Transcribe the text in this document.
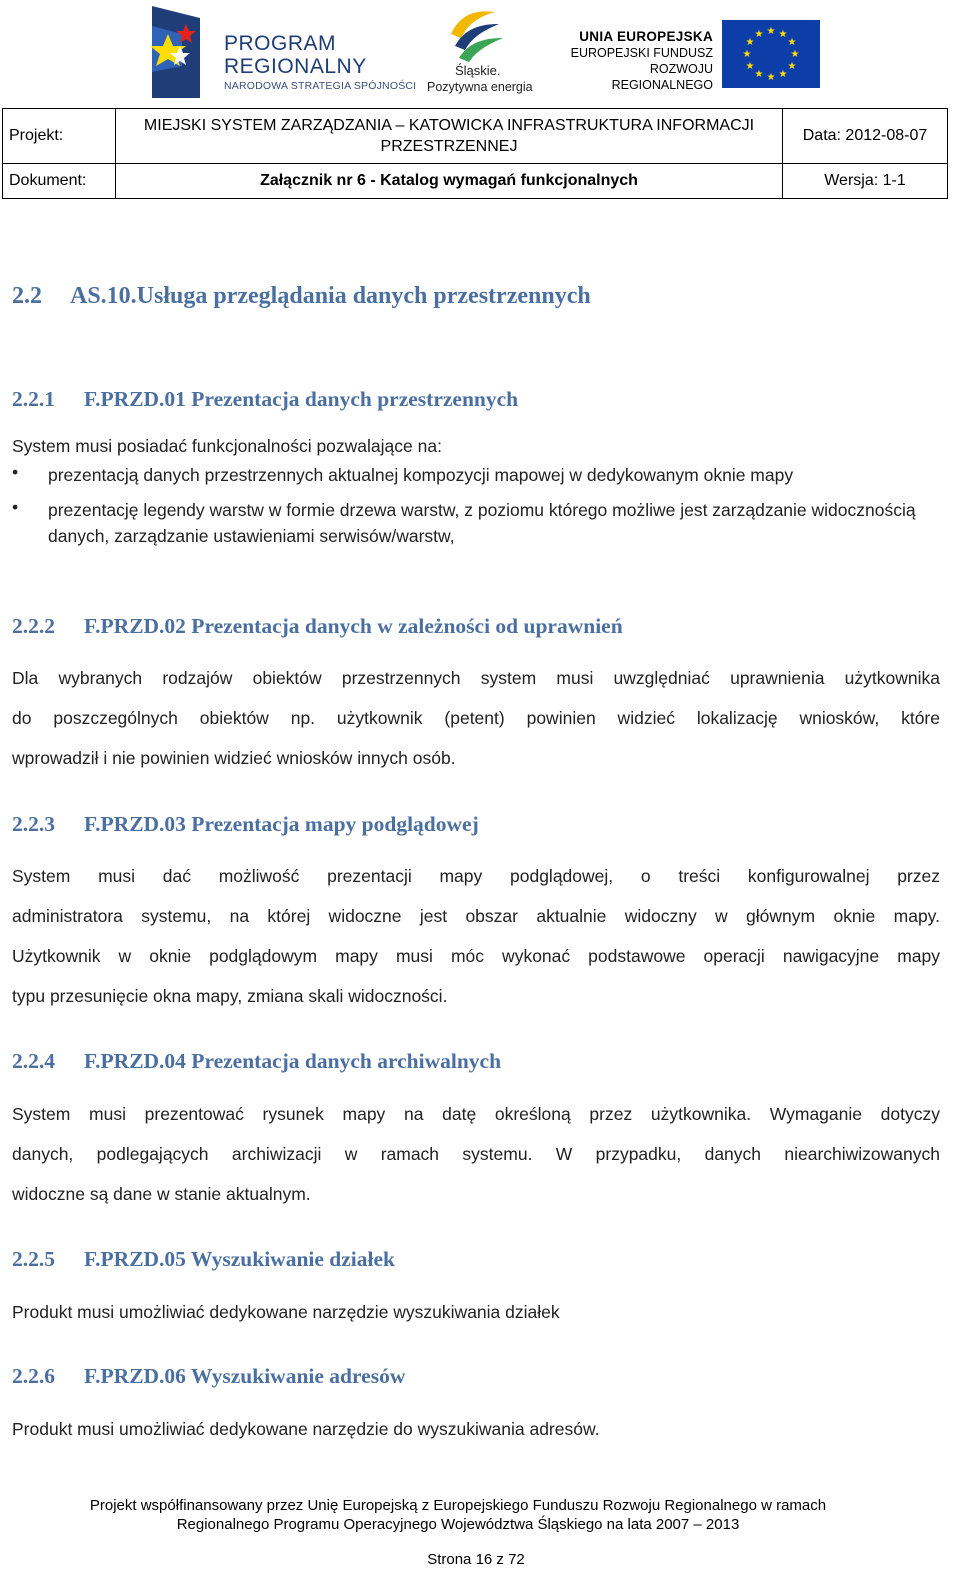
PROGRAM
REGIONALNY
NARODOWA STRATEGIA SPÓJNOŚCI
Śląskie.
Pozytywna energia
UNIA EUROPEJSKA
EUROPEJSKI FUNDUSZ
ROZWOJU REGIONALNEGO
★ ★
★
★
★
★
★
★
★
★
★
★
Projekt:	MIEJSKI SYSTEM ZARZĄDZANIA – KATOWICKA INFRASTRUKTURA INFORMACJI PRZESTRZENNEJ	Data: 2012-08-07
Dokument:	Załącznik nr 6 - Katalog wymagań funkcjonalnych	Wersja: 1-1
2.2 AS.10.Usługa przeglądania danych przestrzennych
2.2.1 F.PRZD.01 Prezentacja danych przestrzennych
System musi posiadać funkcjonalności pozwalające na:
• prezentacją danych przestrzennych aktualnej kompozycji mapowej w dedykowanym oknie mapy
• prezentację legendy warstw w formie drzewa warstw, z poziomu którego możliwe jest zarządzanie widocznością danych, zarządzanie ustawieniami serwisów/warstw,
2.2.2 F.PRZD.02 Prezentacja danych w zależności od uprawnień
Dla wybranych rodzajów obiektów przestrzennych system musi uwzględniać uprawnienia użytkownika
do poszczególnych obiektów np. użytkownik (petent) powinien widzieć lokalizację wniosków, które
wprowadził i nie powinien widzieć wniosków innych osób.
2.2.3 F.PRZD.03 Prezentacja mapy podglądowej
System musi dać możliwość prezentacji mapy podglądowej, o treści konfigurowalnej przez
administratora systemu, na której widoczne jest obszar aktualnie widoczny w głównym oknie mapy.
Użytkownik w oknie podglądowym mapy musi móc wykonać podstawowe operacji nawigacyjne mapy
typu przesunięcie okna mapy, zmiana skali widoczności.
2.2.4 F.PRZD.04 Prezentacja danych archiwalnych
System musi prezentować rysunek mapy na datę określoną przez użytkownika. Wymaganie dotyczy
danych, podlegających archiwizacji w ramach systemu. W przypadku, danych niearchiwizowanych
widoczne są dane w stanie aktualnym.
2.2.5 F.PRZD.05 Wyszukiwanie działek
Produkt musi umożliwiać dedykowane narzędzie wyszukiwania działek
2.2.6 F.PRZD.06 Wyszukiwanie adresów
Produkt musi umożliwiać dedykowane narzędzie do wyszukiwania adresów.
Projekt współfinansowany przez Unię Europejską z Europejskiego Funduszu Rozwoju Regionalnego w ramach
Regionalnego Programu Operacyjnego Województwa Śląskiego na lata 2007 – 2013
Strona 16 z 72
